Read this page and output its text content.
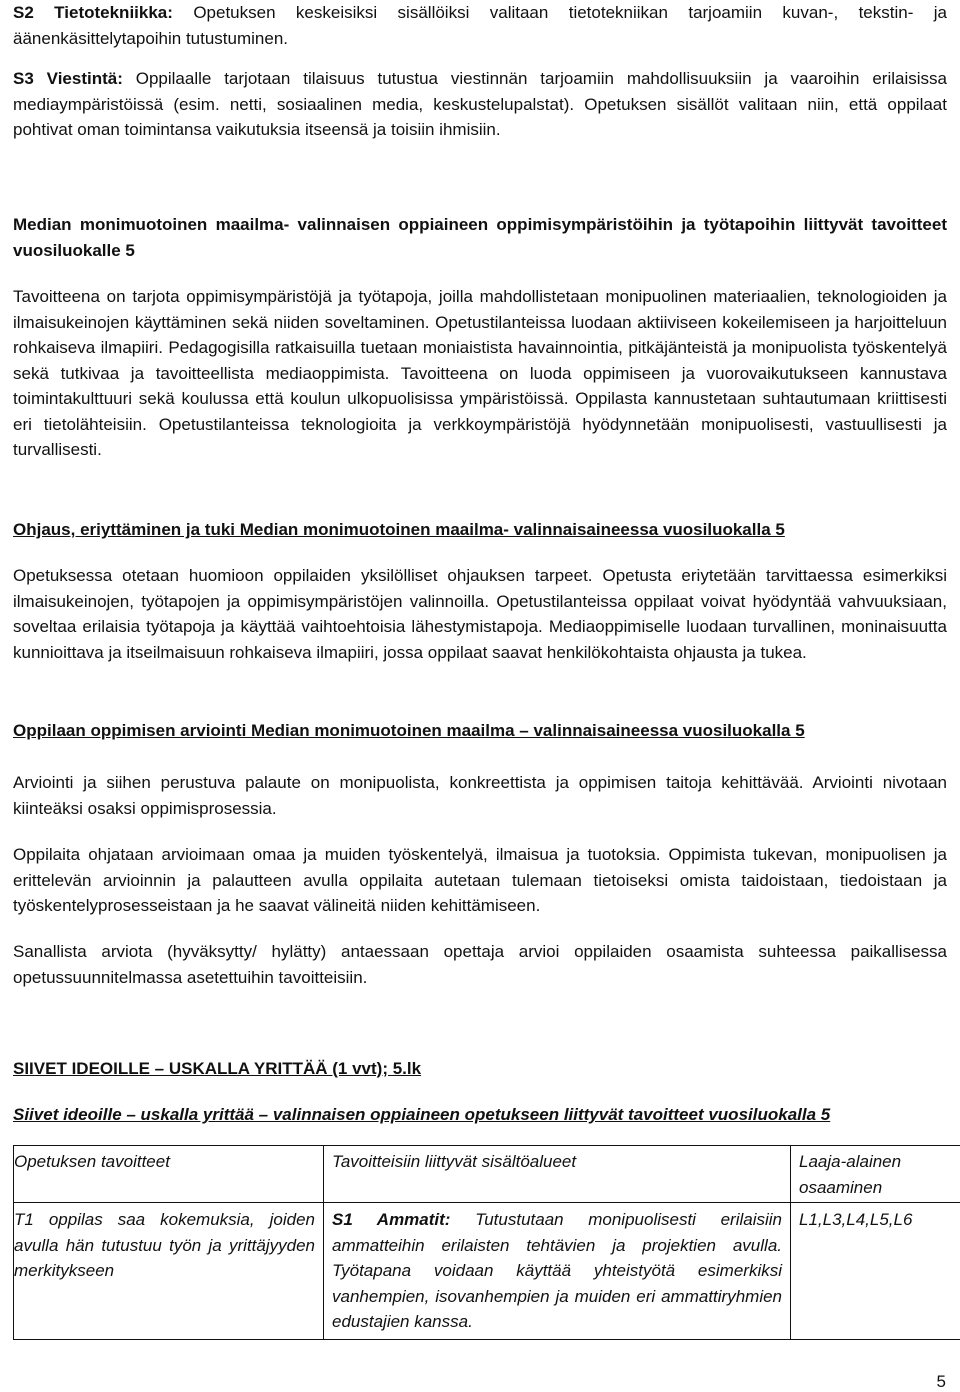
S2 Tietotekniikka: Opetuksen keskeisiksi sisällöiksi valitaan tietotekniikan tarjoamiin kuvan-, tekstin- ja äänenkäsittelytapoihin tutustuminen.

S3 Viestintä: Oppilaalle tarjotaan tilaisuus tutustua viestinnän tarjoamiin mahdollisuuksiin ja vaaroihin erilaisissa mediaympäristöissä (esim. netti, sosiaalinen media, keskustelupalstat). Opetuksen sisällöt valitaan niin, että oppilaat pohtivat oman toimintansa vaikutuksia itseensä ja toisiin ihmisiin.

Median monimuotoinen maailma- valinnaisen oppiaineen oppimisympäristöihin ja työtapoihin liittyvät tavoitteet vuosiluokalle 5

Tavoitteena on tarjota oppimisympäristöjä ja työtapoja, joilla mahdollistetaan monipuolinen materiaalien, teknologioiden ja ilmaisukeinojen käyttäminen sekä niiden soveltaminen. Opetustilanteissa luodaan aktiiviseen kokeilemiseen ja harjoitteluun rohkaiseva ilmapiiri. Pedagogisilla ratkaisuilla tuetaan moniaistista havainnointia, pitkäjänteistä ja monipuolista työskentelyä sekä tutkivaa ja tavoitteellista mediaoppimista. Tavoitteena on luoda oppimiseen ja vuorovaikutukseen kannustava toimintakulttuuri sekä koulussa että koulun ulkopuolisissa ympäristöissä. Oppilasta kannustetaan suhtautumaan kriittisesti eri tietolähteisiin. Opetustilanteissa teknologioita ja verkkoympäristöjä hyödynnetään monipuolisesti, vastuullisesti ja turvallisesti.

Ohjaus, eriyttäminen ja tuki Median monimuotoinen maailma- valinnaisaineessa vuosiluokalla 5

Opetuksessa otetaan huomioon oppilaiden yksilölliset ohjauksen tarpeet. Opetusta eriytetään tarvittaessa esimerkiksi ilmaisukeinojen, työtapojen ja oppimisympäristöjen valinnoilla. Opetustilanteissa oppilaat voivat hyödyntää vahvuuksiaan, soveltaa erilaisia työtapoja ja käyttää vaihtoehtoisia lähestymistapoja. Mediaoppimiselle luodaan turvallinen, moninaisuutta kunnioittava ja itseilmaisuun rohkaiseva ilmapiiri, jossa oppilaat saavat henkilökohtaista ohjausta ja tukea.

Oppilaan oppimisen arviointi Median monimuotoinen maailma – valinnaisaineessa vuosiluokalla 5

Arviointi ja siihen perustuva palaute on monipuolista, konkreettista ja oppimisen taitoja kehittävää. Arviointi nivotaan kiinteäksi osaksi oppimisprosessia.

Oppilaita ohjataan arvioimaan omaa ja muiden työskentelyä, ilmaisua ja tuotoksia. Oppimista tukevan, monipuolisen ja erittelevän arvioinnin ja palautteen avulla oppilaita autetaan tulemaan tietoiseksi omista taidoistaan, tiedoistaan ja työskentelyprosesseistaan ja he saavat välineitä niiden kehittämiseen.

Sanallista arviota (hyväksytty/ hylätty) antaessaan opettaja arvioi oppilaiden osaamista suhteessa paikallisessa opetussuunnitelmassa asetettuihin tavoitteisiin.

SIIVET IDEOILLE – USKALLA YRITTÄÄ (1 vvt); 5.lk

Siivet ideoille – uskalla yrittää – valinnaisen oppiaineen opetukseen liittyvät tavoitteet vuosiluokalla 5

Opetuksen tavoitteet	Tavoitteisiin liittyvät sisältöalueet	Laaja-alainen osaaminen
T1 oppilas saa kokemuksia, joiden avulla hän tutustuu työn ja yrittäjyyden merkitykseen	S1 Ammatit: Tutustutaan monipuolisesti erilaisiin ammatteihin erilaisten tehtävien ja projektien avulla. Työtapana voidaan käyttää yhteistyötä esimerkiksi vanhempien, isovanhempien ja muiden eri ammattiryhmien edustajien kanssa.	L1,L3,L4,L5,L6
5
